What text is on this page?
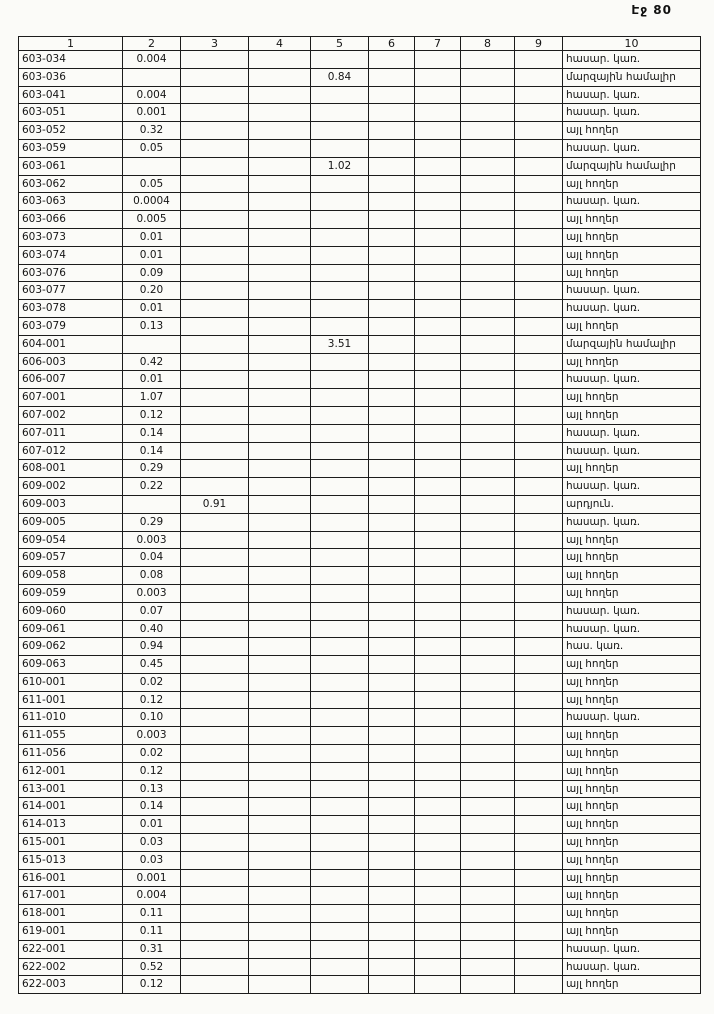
Էջ 80
1	2	3	4	5	6	7	8	9	10
603-034	0.004								հասար. կառ.
603-036				0.84					մարզային համալիր
603-041	0.004								հասար. կառ.
603-051	0.001								հասար. կառ.
603-052	0.32								այլ հողեր
603-059	0.05								հասար. կառ.
603-061				1.02					մարզային համալիր
603-062	0.05								այլ հողեր
603-063	0.0004								հասար. կառ.
603-066	0.005								այլ հողեր
603-073	0.01								այլ հողեր
603-074	0.01								այլ հողեր
603-076	0.09								այլ հողեր
603-077	0.20								հասար. կառ.
603-078	0.01								հասար. կառ.
603-079	0.13								այլ հողեր
604-001				3.51					մարզային համալիր
606-003	0.42								այլ հողեր
606-007	0.01								հասար. կառ.
607-001	1.07								այլ հողեր
607-002	0.12								այլ հողեր
607-011	0.14								հասար. կառ.
607-012	0.14								հասար. կառ.
608-001	0.29								այլ հողեր
609-002	0.22								հասար. կառ.
609-003		0.91							արդյուն.
609-005	0.29								հասար. կառ.
609-054	0.003								այլ հողեր
609-057	0.04								այլ հողեր
609-058	0.08								այլ հողեր
609-059	0.003								այլ հողեր
609-060	0.07								հասար. կառ.
609-061	0.40								հասար. կառ.
609-062	0.94								հաս. կառ.
609-063	0.45								այլ հողեր
610-001	0.02								այլ հողեր
611-001	0.12								այլ հողեր
611-010	0.10								հասար. կառ.
611-055	0.003								այլ հողեր
611-056	0.02								այլ հողեր
612-001	0.12								այլ հողեր
613-001	0.13								այլ հողեր
614-001	0.14								այլ հողեր
614-013	0.01								այլ հողեր
615-001	0.03								այլ հողեր
615-013	0.03								այլ հողեր
616-001	0.001								այլ հողեր
617-001	0.004								այլ հողեր
618-001	0.11								այլ հողեր
619-001	0.11								այլ հողեր
622-001	0.31								հասար. կառ.
622-002	0.52								հասար. կառ.
622-003	0.12								այլ հողեր
